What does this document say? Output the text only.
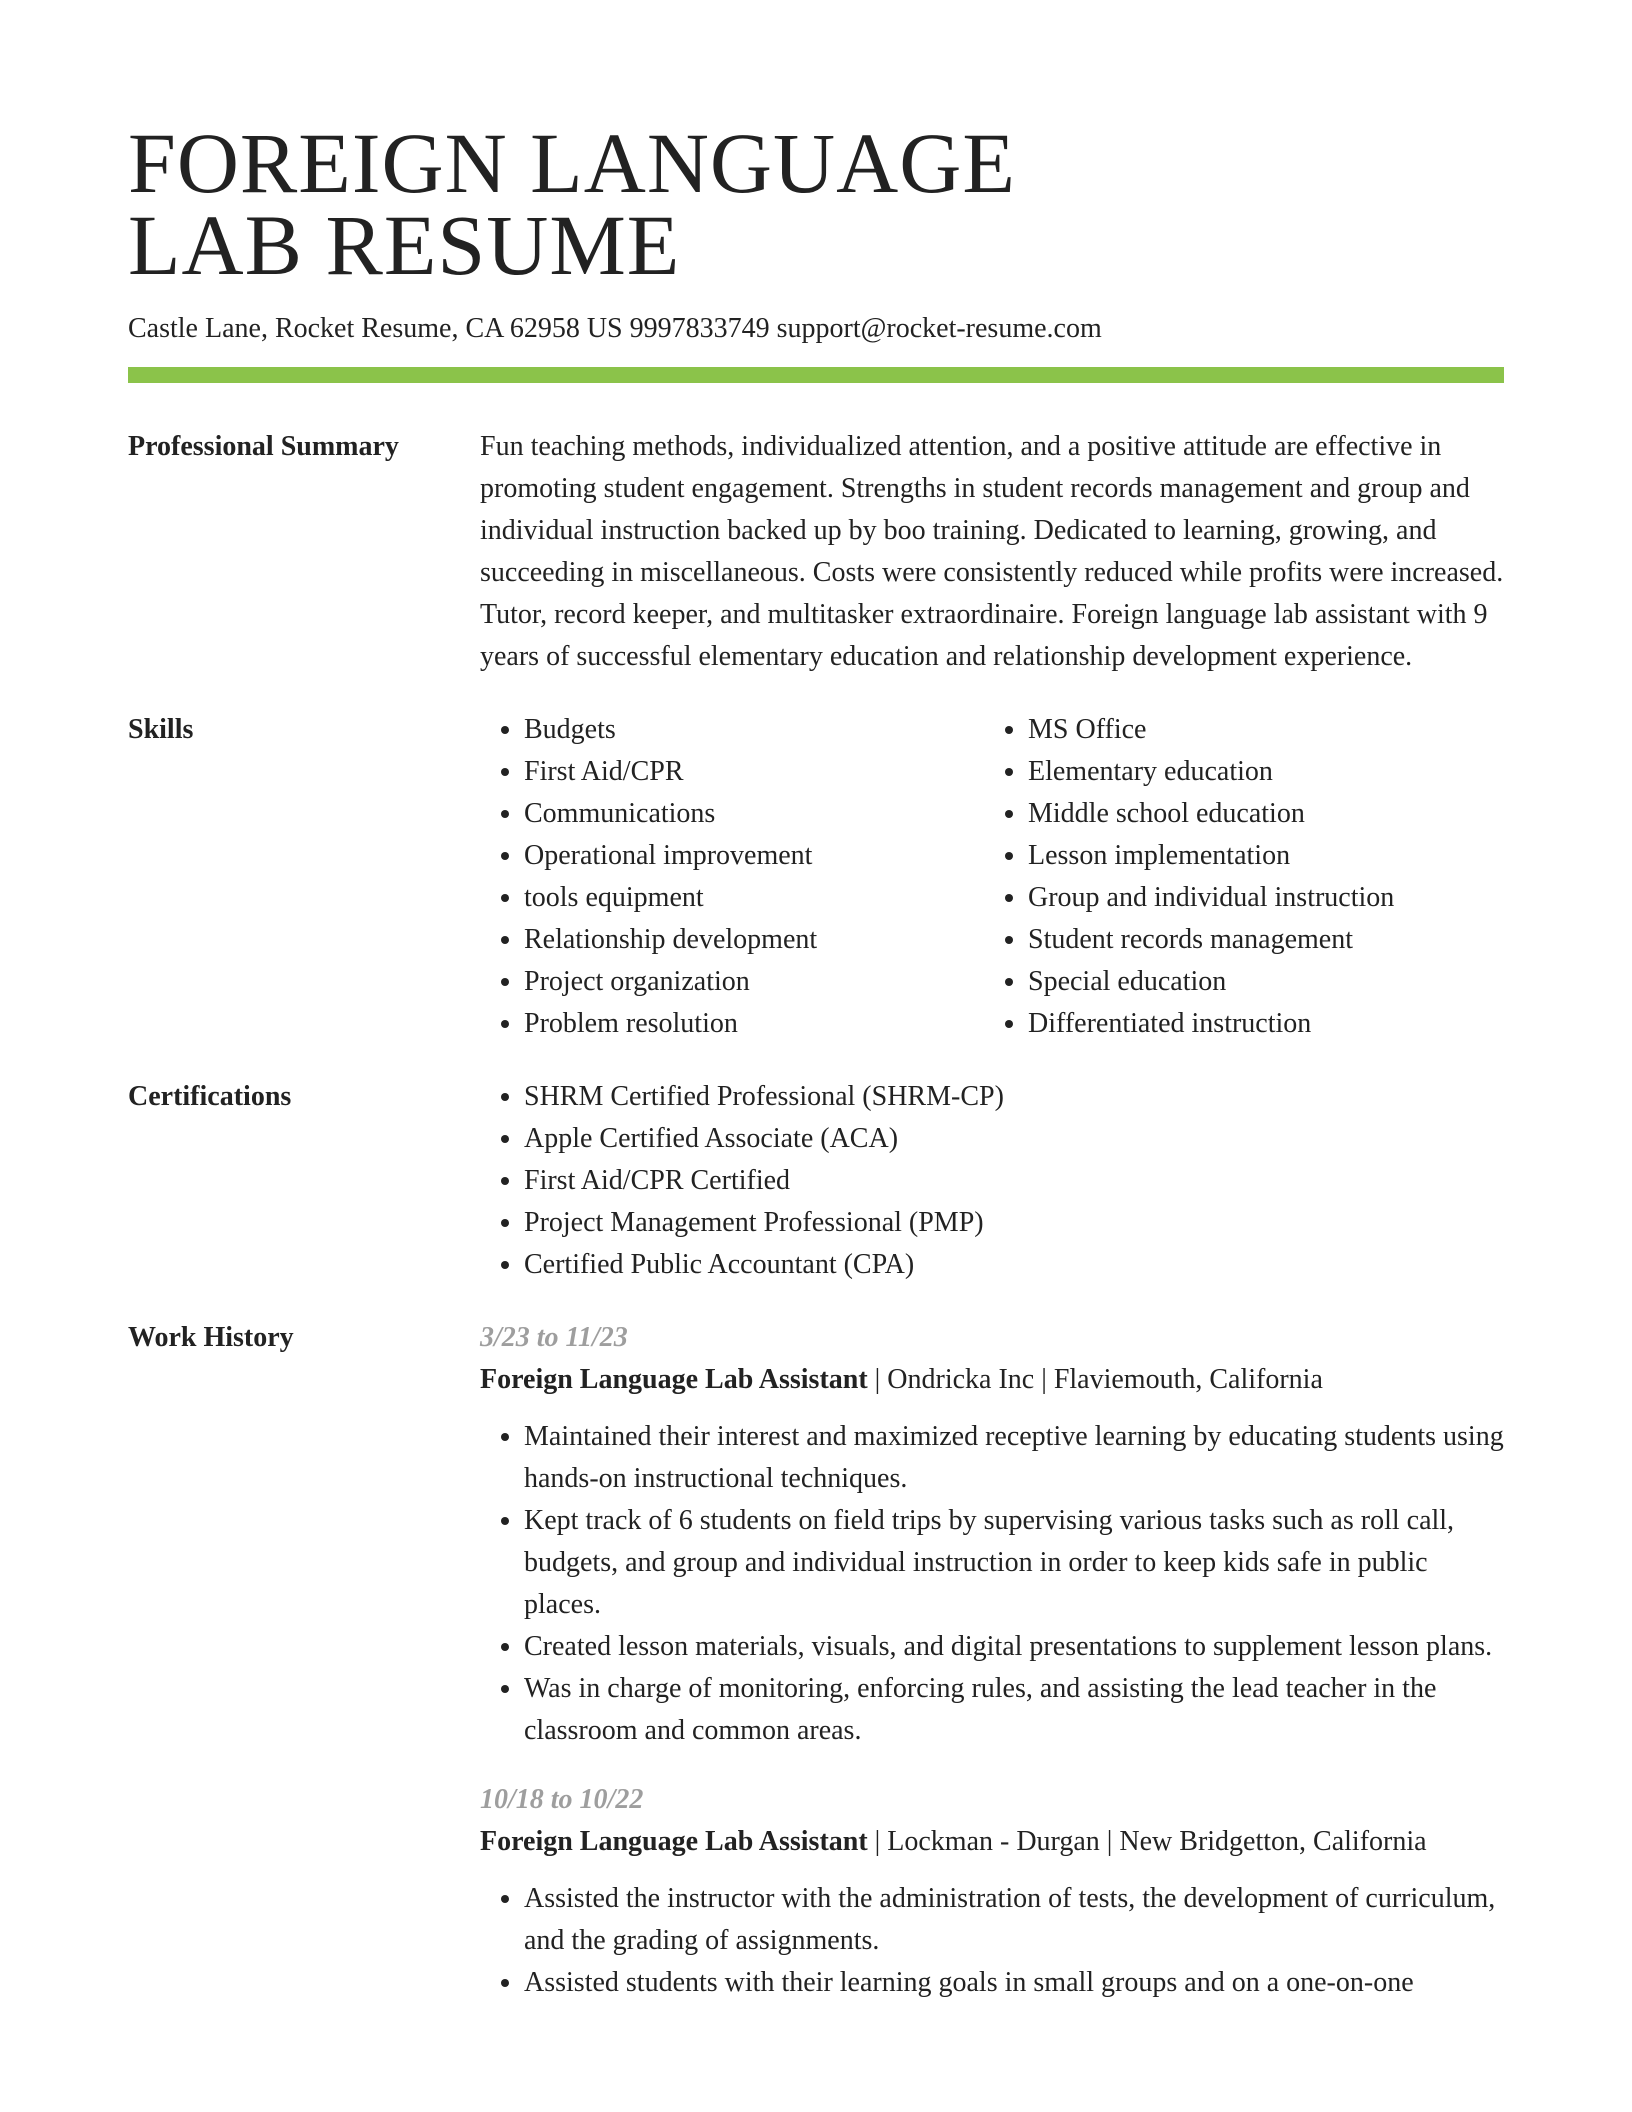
FOREIGN LANGUAGE
LAB RESUME
Castle Lane, Rocket Resume, CA 62958 US 9997833749 support@rocket-resume.com
Professional Summary	Fun teaching methods, individualized attention, and a positive attitude are effective in promoting student engagement. Strengths in student records management and group and individual instruction backed up by boo training. Dedicated to learning, growing, and succeeding in miscellaneous. Costs were consistently reduced while profits were increased. Tutor, record keeper, and multitasker extraordinaire. Foreign language lab assistant with 9 years of successful elementary education and relationship development experience.

Skills	• Budgets
• First Aid/CPR
• Communications
• Operational improvement
• tools equipment
• Relationship development
• Project organization
• Problem resolution
• MS Office
• Elementary education
• Middle school education
• Lesson implementation
• Group and individual instruction
• Student records management
• Special education
• Differentiated instruction
Certifications	• SHRM Certified Professional (SHRM-CP)
• Apple Certified Associate (ACA)
• First Aid/CPR Certified
• Project Management Professional (PMP)
• Certified Public Accountant (CPA)
Work History	3/23 to 11/23
Foreign Language Lab Assistant | Ondricka Inc | Flaviemouth, California
• Maintained their interest and maximized receptive learning by educating students using hands-on instructional techniques.
• Kept track of 6 students on field trips by supervising various tasks such as roll call, budgets, and group and individual instruction in order to keep kids safe in public places.
• Created lesson materials, visuals, and digital presentations to supplement lesson plans.
• Was in charge of monitoring, enforcing rules, and assisting the lead teacher in the classroom and common areas.
10/18 to 10/22
Foreign Language Lab Assistant | Lockman - Durgan | New Bridgetton, California
• Assisted the instructor with the administration of tests, the development of curriculum, and the grading of assignments.
• Assisted students with their learning goals in small groups and on a one-on-one
